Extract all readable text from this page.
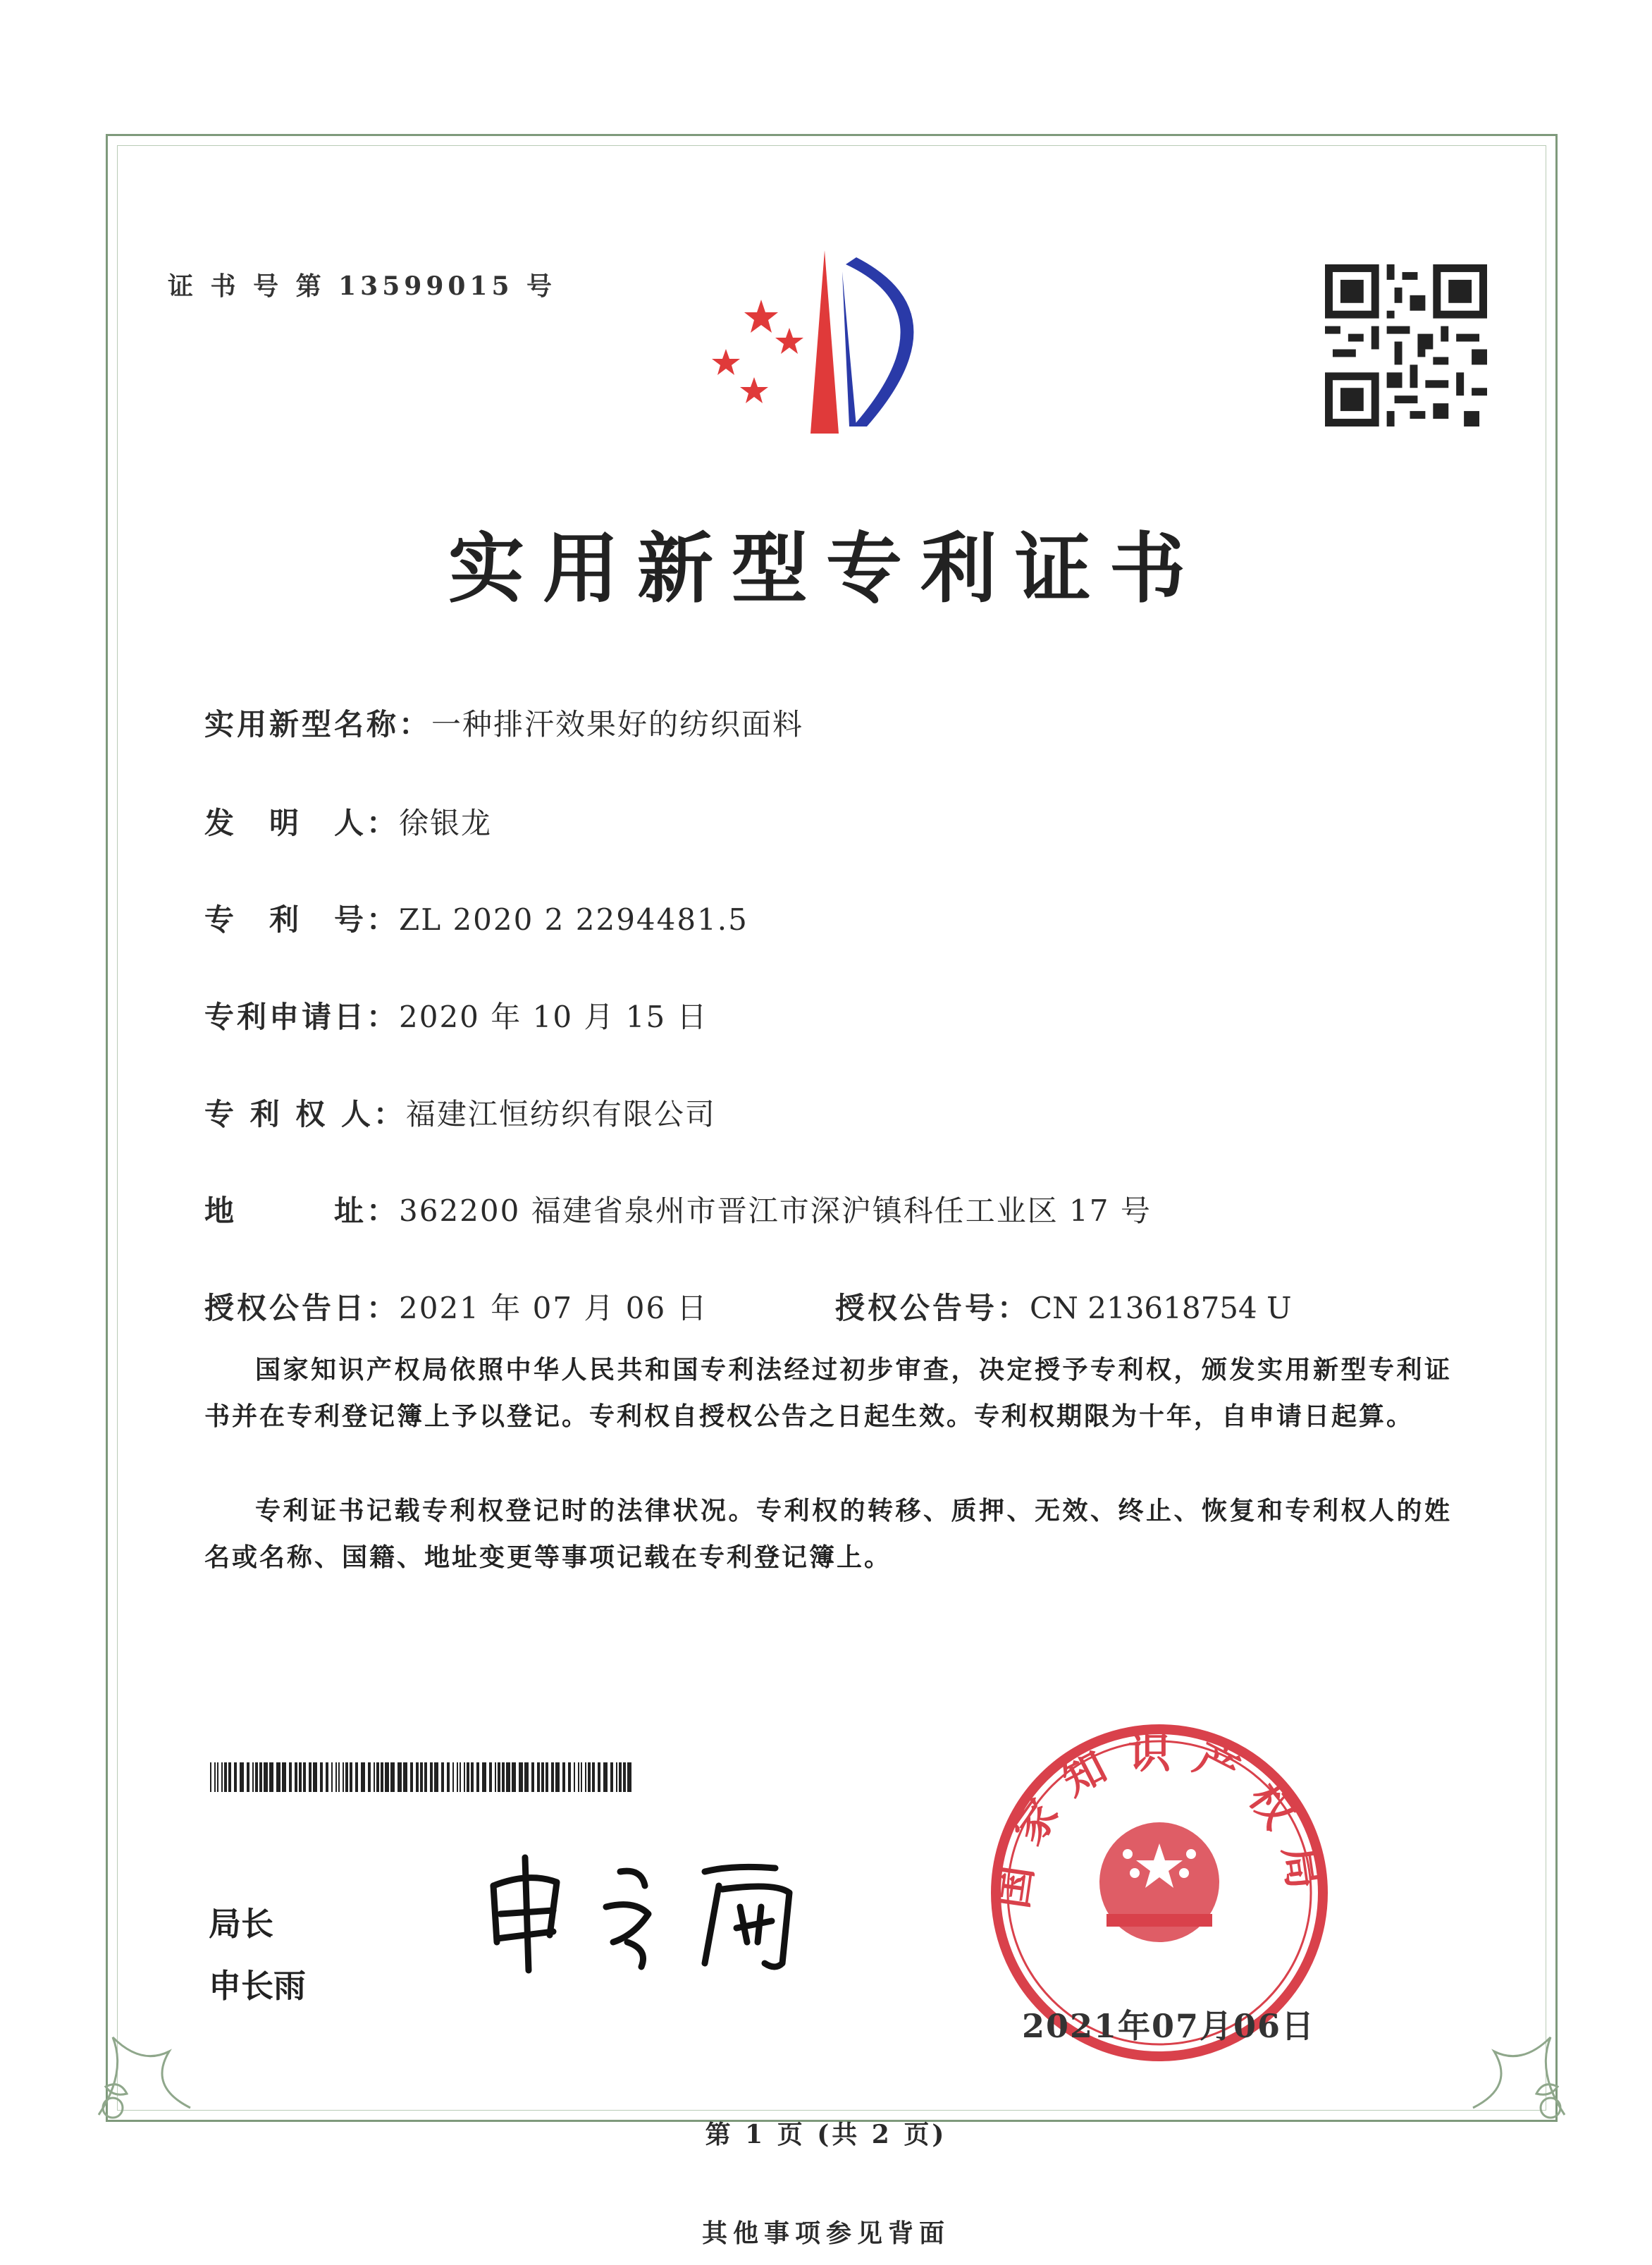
证 书 号 第 13599015 号
实用新型专利证书
实用新型名称：一种排汗效果好的纺织面料
发　明　人：徐银龙
专　利　号：ZL 2020 2 2294481.5
专利申请日：2020 年 10 月 15 日
专 利 权 人：福建江恒纺织有限公司
地　　　址：362200 福建省泉州市晋江市深沪镇科任工业区 17 号
授权公告日：2021 年 07 月 06 日	授权公告号：CN 213618754 U
国家知识产权局依照中华人民共和国专利法经过初步审查，决定授予专利权，颁发实用新型专利证书并在专利登记簿上予以登记。专利权自授权公告之日起生效。专利权期限为十年，自申请日起算。
专利证书记载专利权登记时的法律状况。专利权的转移、质押、无效、终止、恢复和专利权人的姓名或名称、国籍、地址变更等事项记载在专利登记簿上。
局长
申长雨
国家知识产权局
2021年07月06日
第 1 页 (共 2 页)
其他事项参见背面
